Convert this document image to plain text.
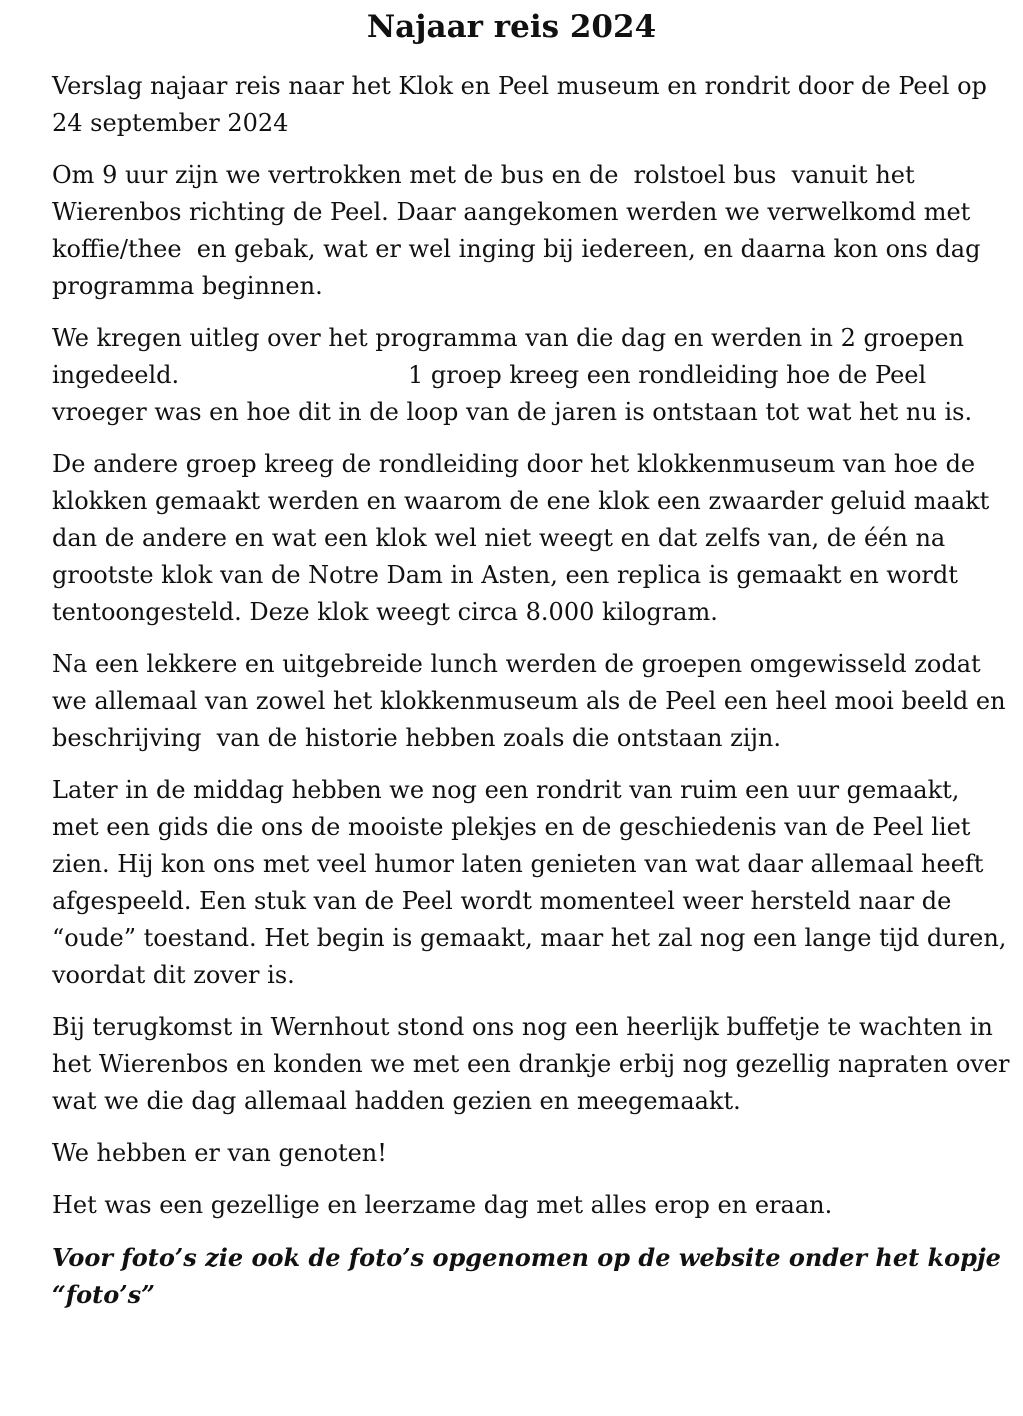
Najaar reis 2024

Verslag najaar reis naar het Klok en Peel museum en rondrit door de Peel op 24 september 2024

Om 9 uur zijn we vertrokken met de bus en de  rolstoel bus  vanuit het Wierenbos richting de Peel. Daar aangekomen werden we verwelkomd met koffie/thee  en gebak, wat er wel inging bij iedereen, en daarna kon ons dag programma beginnen.

We kregen uitleg over het programma van die dag en werden in 2 groepen ingedeeld.                              1 groep kreeg een rondleiding hoe de Peel vroeger was en hoe dit in de loop van de jaren is ontstaan tot wat het nu is.

De andere groep kreeg de rondleiding door het klokkenmuseum van hoe de klokken gemaakt werden en waarom de ene klok een zwaarder geluid maakt dan de andere en wat een klok wel niet weegt en dat zelfs van, de één na grootste klok van de Notre Dam in Asten, een replica is gemaakt en wordt tentoongesteld. Deze klok weegt circa 8.000 kilogram.

Na een lekkere en uitgebreide lunch werden de groepen omgewisseld zodat we allemaal van zowel het klokkenmuseum als de Peel een heel mooi beeld en beschrijving  van de historie hebben zoals die ontstaan zijn.

Later in de middag hebben we nog een rondrit van ruim een uur gemaakt, met een gids die ons de mooiste plekjes en de geschiedenis van de Peel liet zien. Hij kon ons met veel humor laten genieten van wat daar allemaal heeft afgespeeld. Een stuk van de Peel wordt momenteel weer hersteld naar de “oude” toestand. Het begin is gemaakt, maar het zal nog een lange tijd duren, voordat dit zover is.

Bij terugkomst in Wernhout stond ons nog een heerlijk buffetje te wachten in het Wierenbos en konden we met een drankje erbij nog gezellig napraten over wat we die dag allemaal hadden gezien en meegemaakt.

We hebben er van genoten!

Het was een gezellige en leerzame dag met alles erop en eraan.

Voor foto’s zie ook de foto’s opgenomen op de website onder het kopje “foto’s”
